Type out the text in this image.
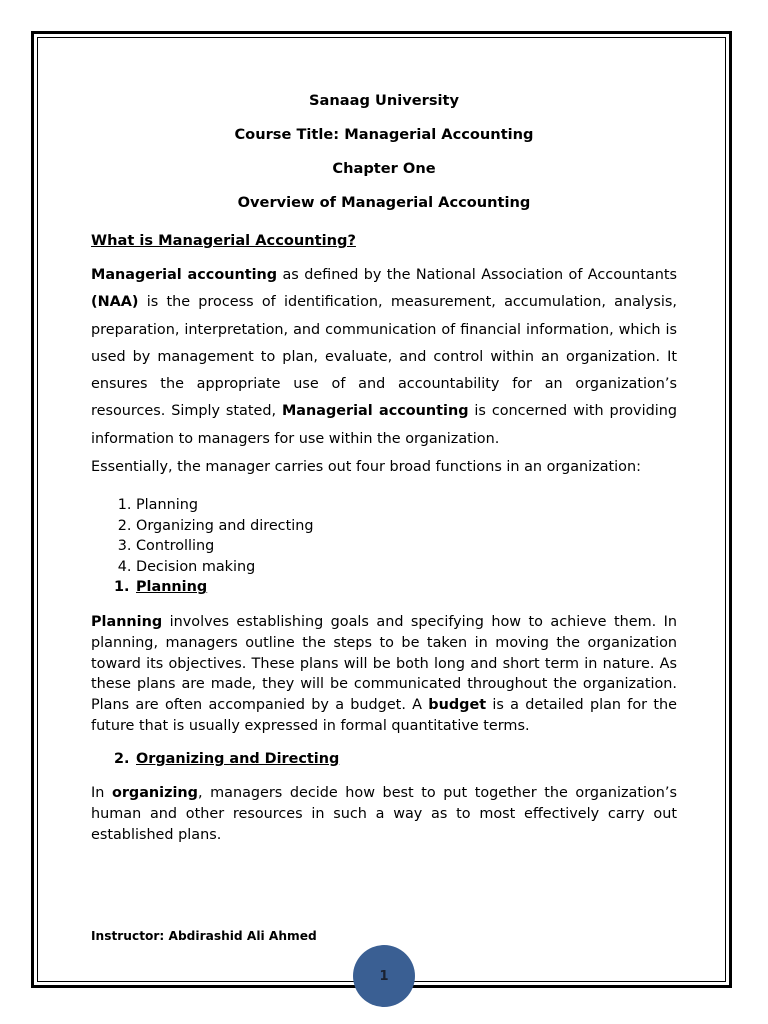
Sanaag University
Course Title: Managerial Accounting
Chapter One
Overview of Managerial Accounting
What is Managerial Accounting?
Managerial accounting as defined by the National Association of Accountants (NAA) is the process of identification, measurement, accumulation, analysis, preparation, interpretation, and communication of financial information, which is used by management to plan, evaluate, and control within an organization. It ensures the appropriate use of and accountability for an organization’s resources. Simply stated, Managerial accounting is concerned with providing information to managers for use within the organization.
Essentially, the manager carries out four broad functions in an organization:
1. Planning
2. Organizing and directing
3. Controlling
4. Decision making
1. Planning
Planning involves establishing goals and specifying how to achieve them. In planning, managers outline the steps to be taken in moving the organization toward its objectives. These plans will be both long and short term in nature. As these plans are made, they will be communicated throughout the organization. Plans are often accompanied by a budget. A budget is a detailed plan for the future that is usually expressed in formal quantitative terms.
2. Organizing and Directing
In organizing, managers decide how best to put together the organization’s human and other resources in such a way as to most effectively carry out established plans.
Instructor: Abdirashid Ali Ahmed
1
